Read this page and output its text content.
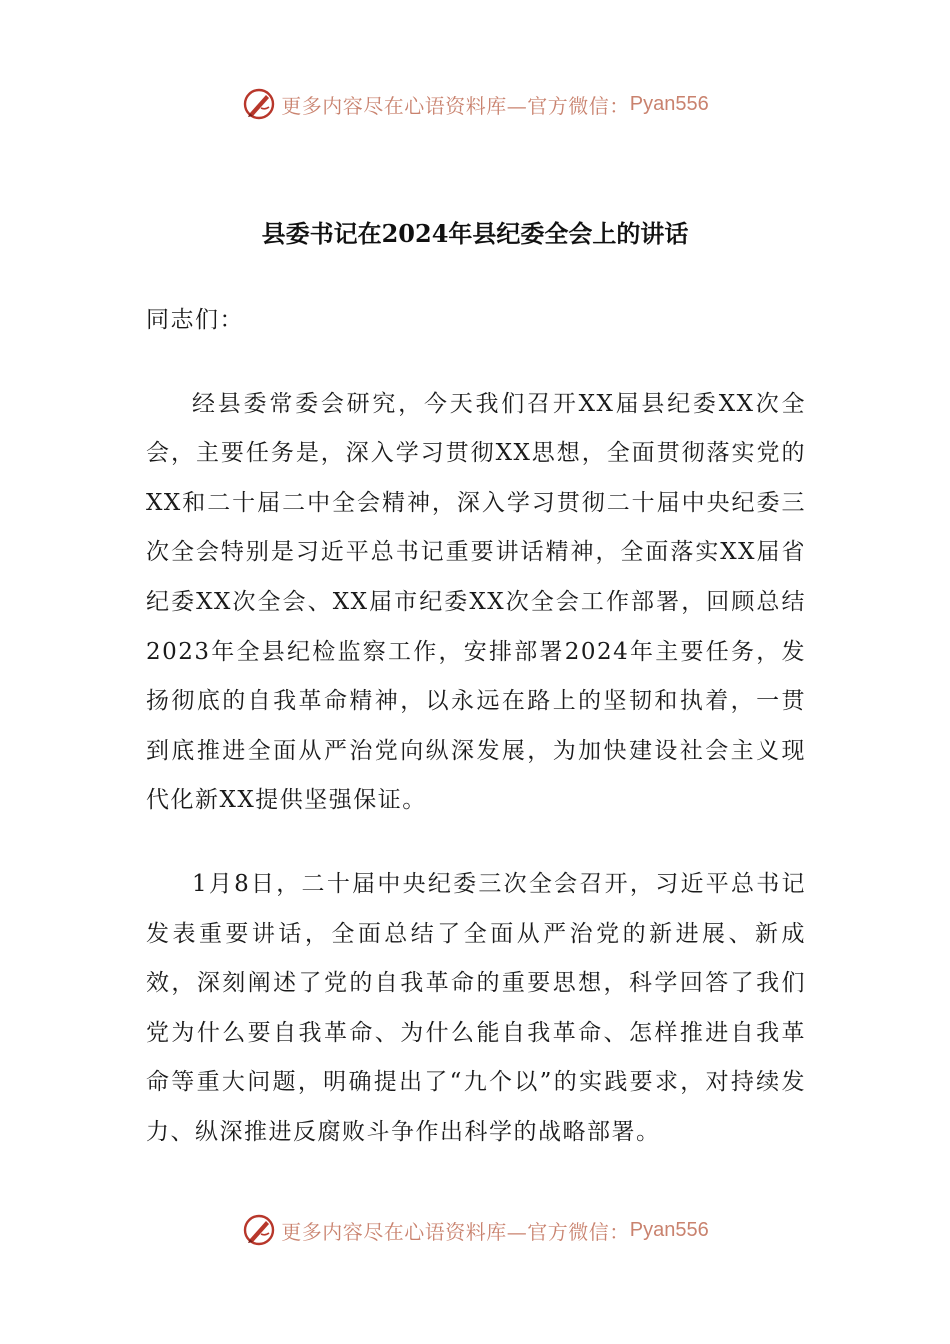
更多内容尽在心语资料库—官方微信： Pyan556
县委书记在2024年县纪委全会上的讲话

同志们：

经县委常委会研究，今天我们召开XX届县纪委XX次全会，主要任务是，深入学习贯彻XX思想，全面贯彻落实党的XX和二十届二中全会精神，深入学习贯彻二十届中央纪委三次全会特别是习近平总书记重要讲话精神，全面落实XX届省纪委XX次全会、XX届市纪委XX次全会工作部署，回顾总结2023年全县纪检监察工作，安排部署2024年主要任务，发扬彻底的自我革命精神，以永远在路上的坚韧和执着，一贯到底推进全面从严治党向纵深发展，为加快建设社会主义现代化新XX提供坚强保证。

1月8日，二十届中央纪委三次全会召开，习近平总书记发表重要讲话，全面总结了全面从严治党的新进展、新成效，深刻阐述了党的自我革命的重要思想，科学回答了我们党为什么要自我革命、为什么能自我革命、怎样推进自我革命等重大问题，明确提出了“九个以”的实践要求，对持续发力、纵深推进反腐败斗争作出科学的战略部署。

更多内容尽在心语资料库—官方微信： Pyan556
